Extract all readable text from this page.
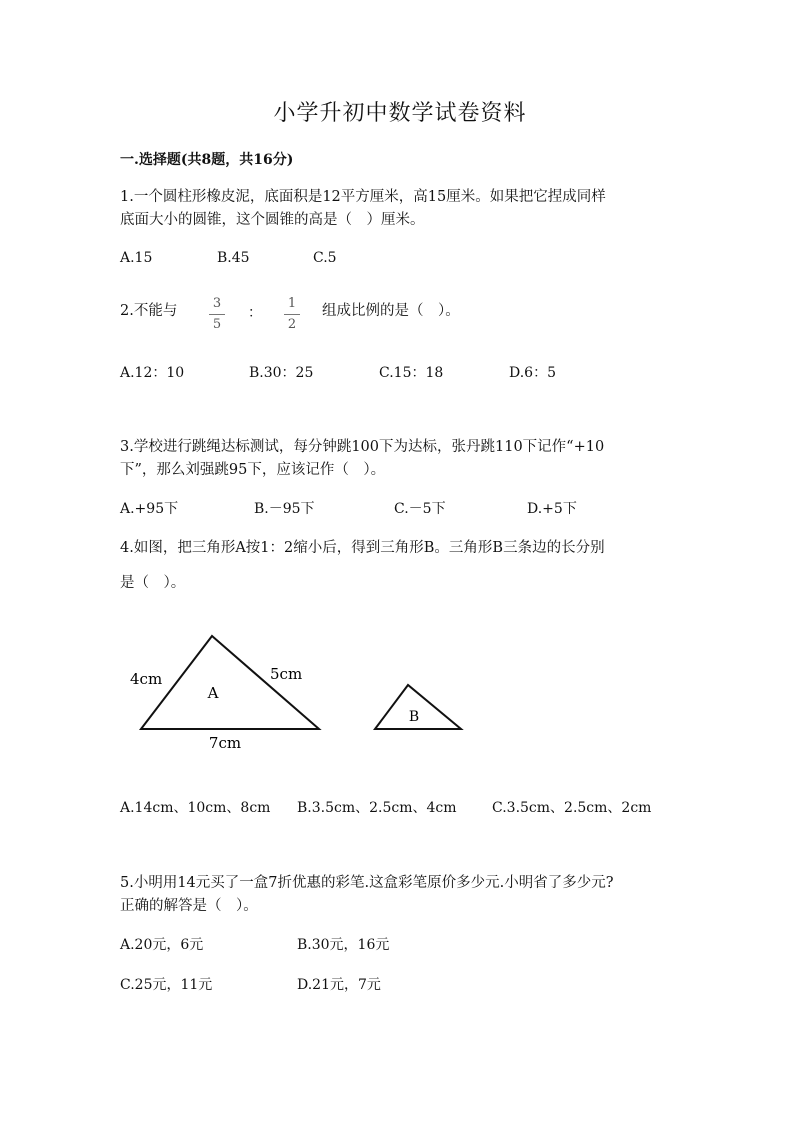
小学升初中数学试卷资料
一.选择题(共8题，共16分)
1.一个圆柱形橡皮泥，底面积是12平方厘米，高15厘米。如果把它捏成同样
底面大小的圆锥，这个圆锥的高是（　）厘米。
A.15	B.45	C.5
2.不能与	3
5
：
1
2
组成比例的是（　）。
A.12：10	B.30：25	C.15：18	D.6：5
3.学校进行跳绳达标测试，每分钟跳100下为达标，张丹跳110下记作“+10
下”，那么刘强跳95下，应该记作（　）。
A.+95下	B.－95下	C.－5下	D.+5下
4.如图，把三角形A按1：2缩小后，得到三角形B。三角形B三条边的长分别
是（　）。
A
4cm	5cm
7cm
B
A.14cm、10cm、8cm B.3.5cm、2.5cm、4cm	C.3.5cm、2.5cm、2cm
5.小明用14元买了一盒7折优惠的彩笔.这盒彩笔原价多少元.小明省了多少元?
正确的解答是（　）。
A.20元，6元	B.30元，16元
C.25元，11元	D.21元，7元
